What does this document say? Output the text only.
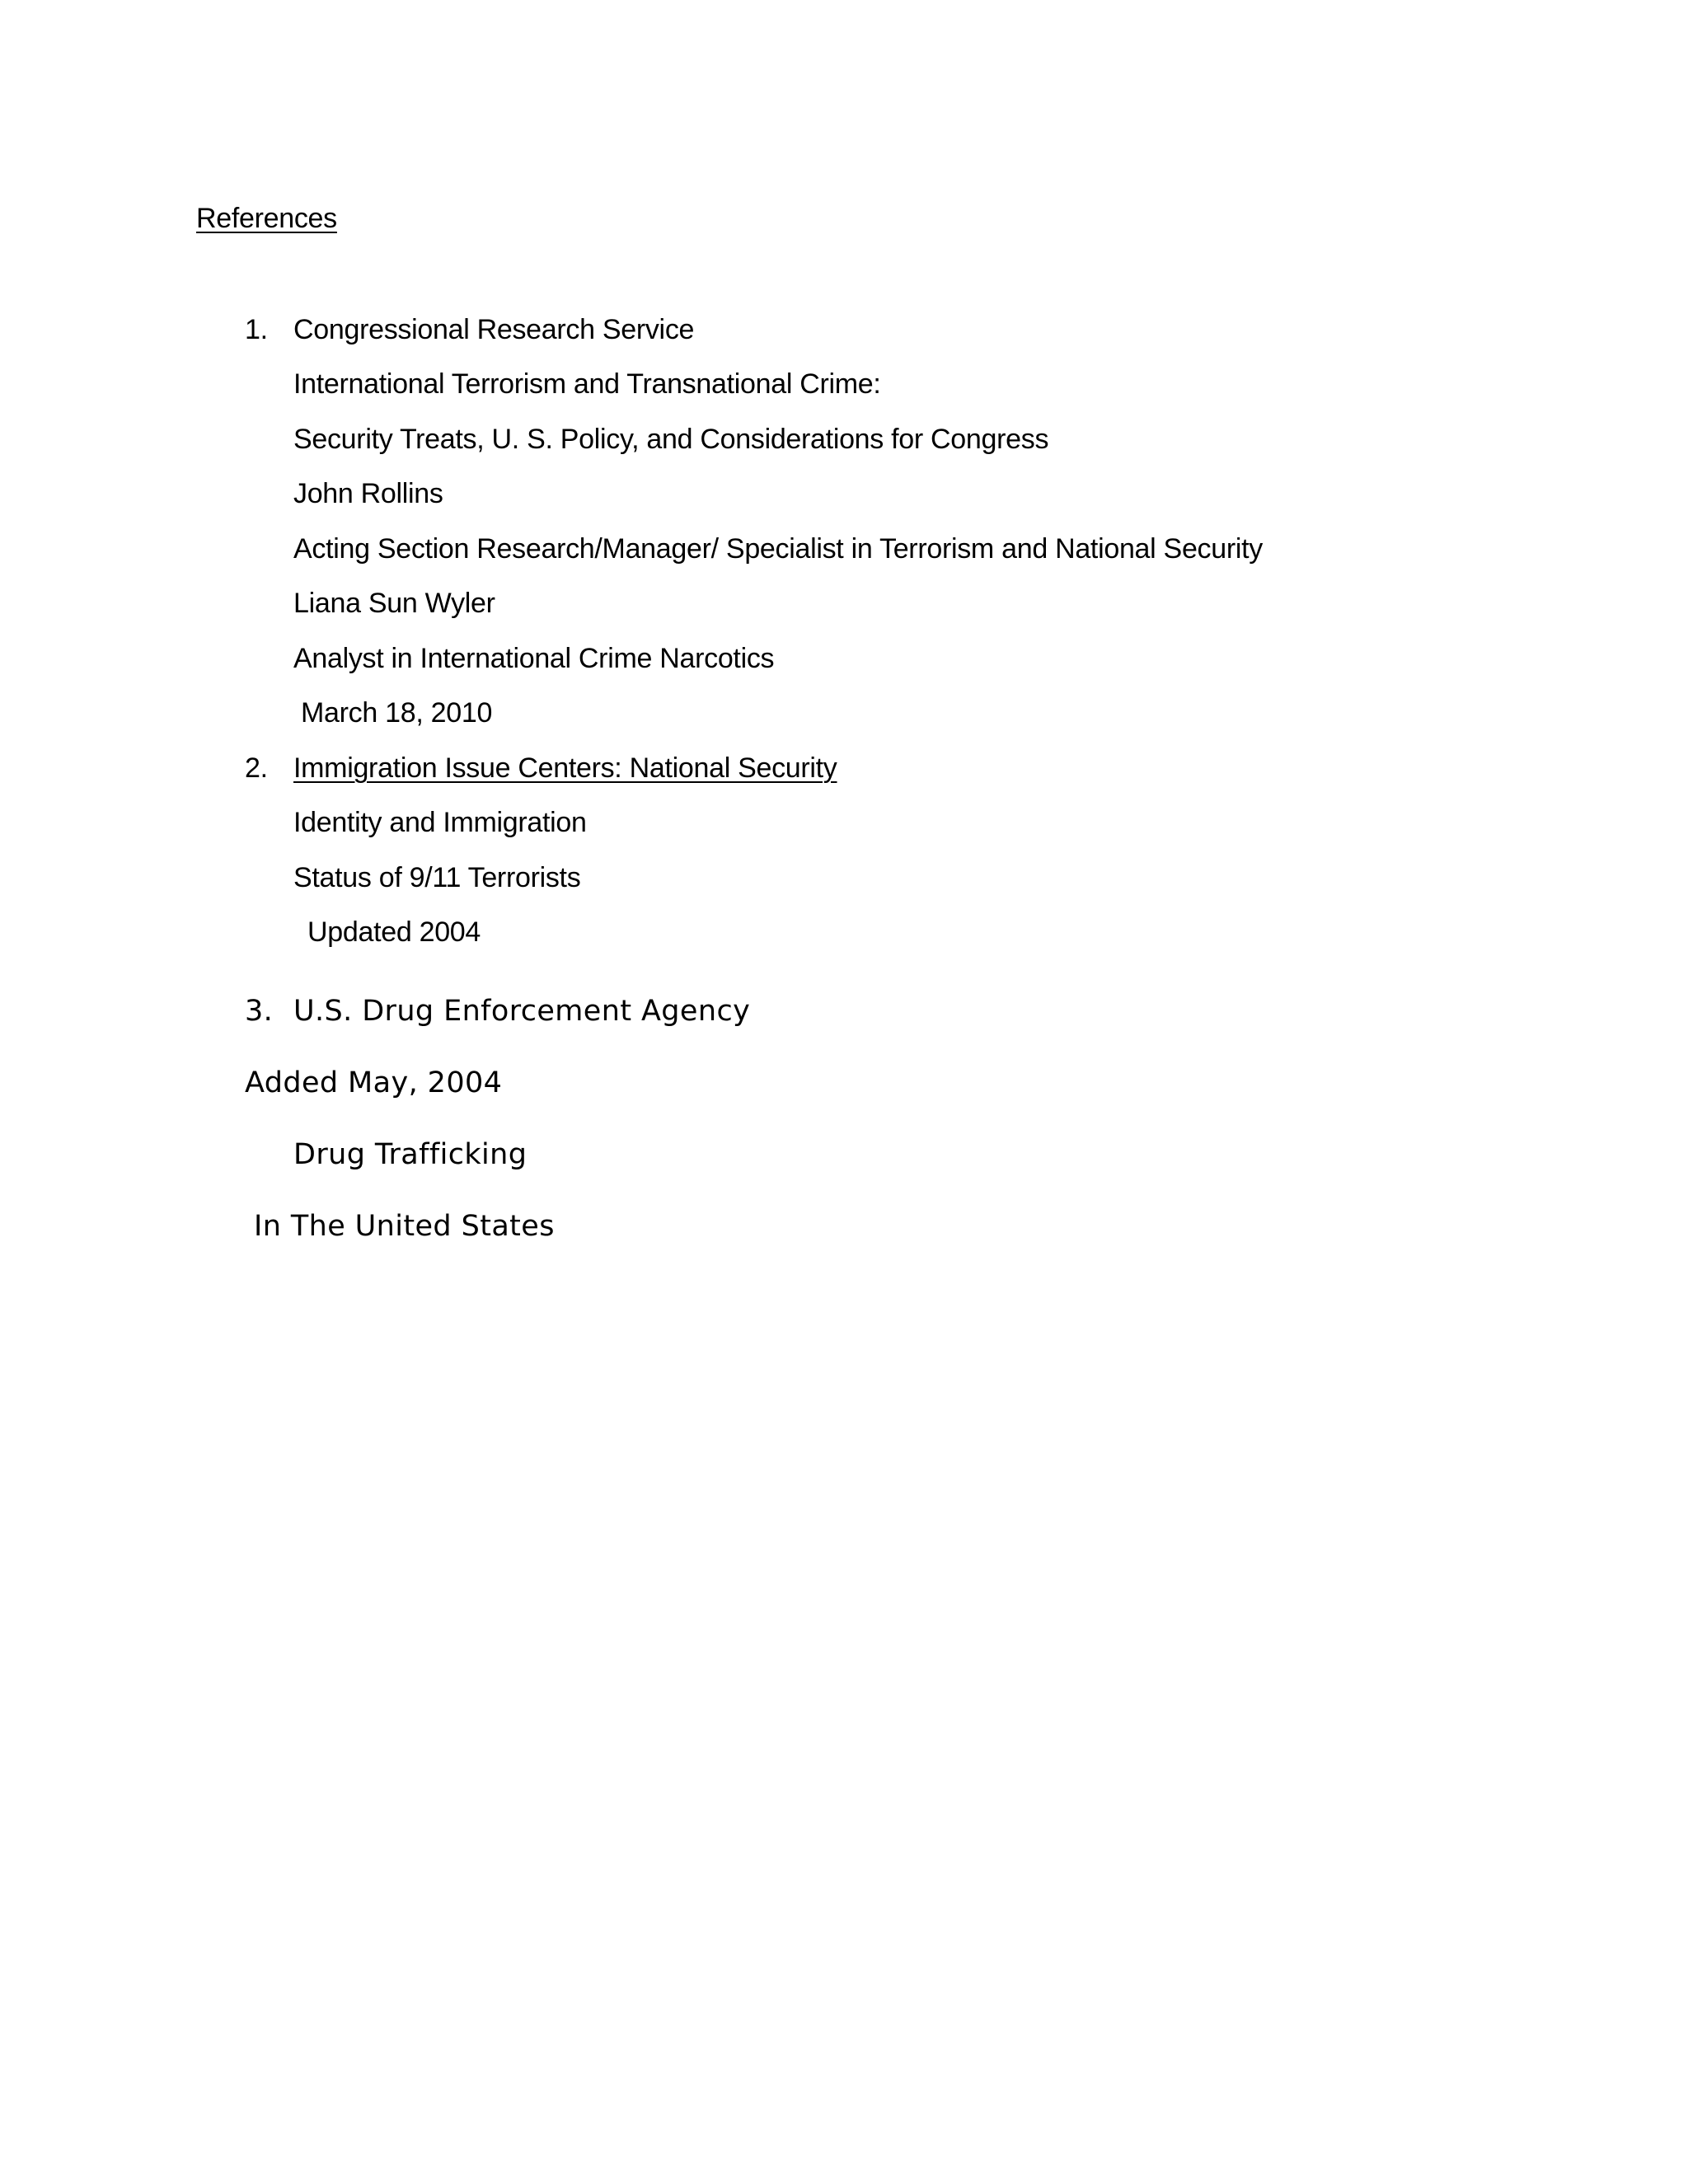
References
1. Congressional Research Service
International Terrorism and Transnational Crime:
Security Treats, U. S. Policy, and Considerations for Congress
John Rollins
Acting Section Research/Manager/ Specialist in Terrorism and National Security
Liana Sun Wyler
Analyst in International Crime Narcotics
March 18, 2010
2. Immigration Issue Centers: National Security
Identity and Immigration
Status of 9/11 Terrorists
Updated 2004
3. U.S. Drug Enforcement Agency
Added May, 2004
Drug Trafficking
In The United States
